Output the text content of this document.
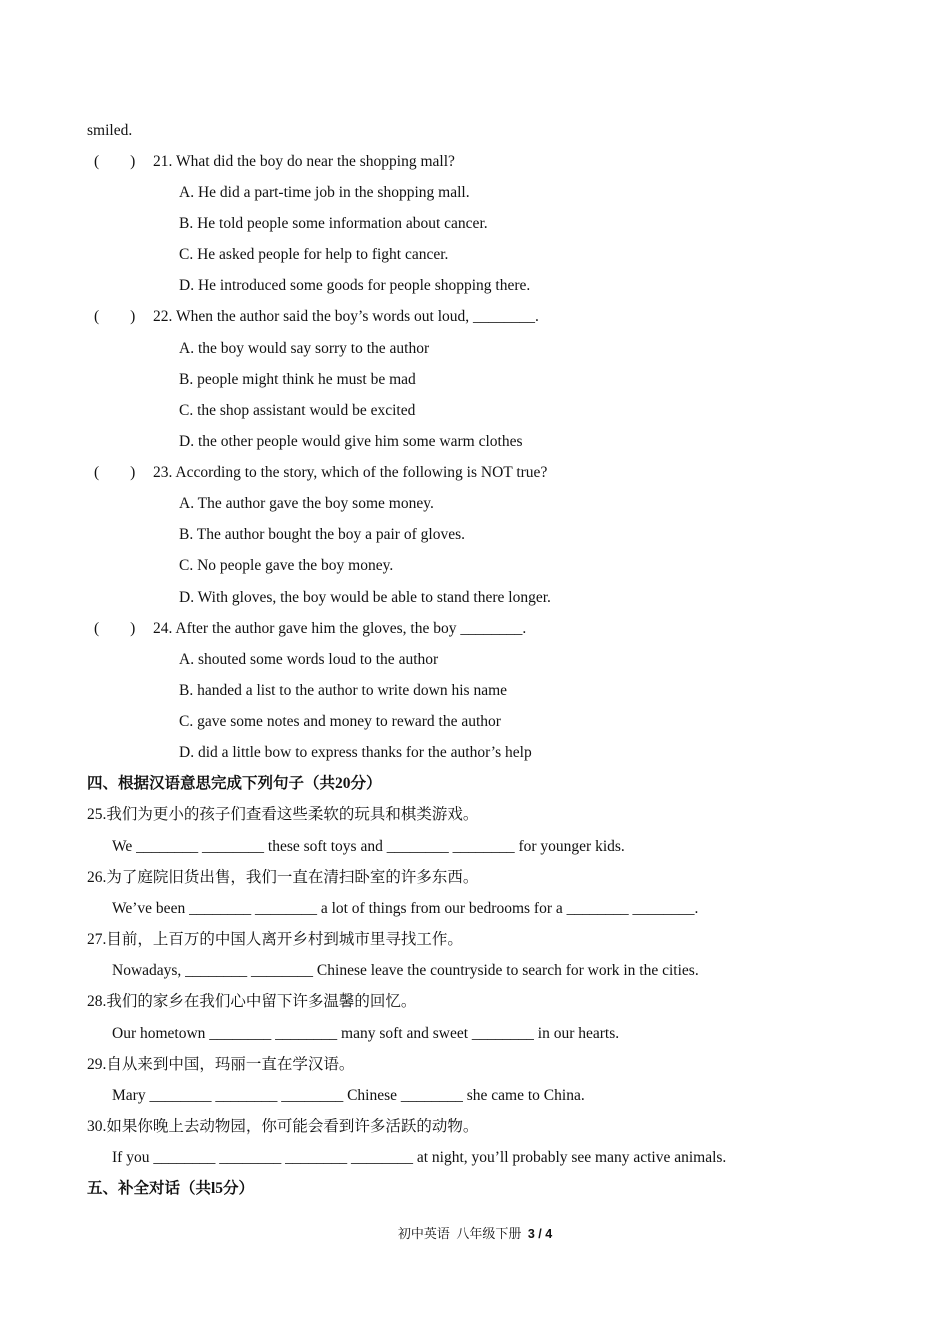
smiled.
(        ) 21. What did the boy do near the shopping mall?
A. He did a part-time job in the shopping mall.
B. He told people some information about cancer.
C. He asked people for help to fight cancer.
D. He introduced some goods for people shopping there.
(        ) 22. When the author said the boy’s words out loud, ________.
A. the boy would say sorry to the author
B. people might think he must be mad
C. the shop assistant would be excited
D. the other people would give him some warm clothes
(        ) 23. According to the story, which of the following is NOT true?
A. The author gave the boy some money.
B. The author bought the boy a pair of gloves.
C. No people gave the boy money.
D. With gloves, the boy would be able to stand there longer.
(        ) 24. After the author gave him the gloves, the boy ________.
A. shouted some words loud to the author
B. handed a list to the author to write down his name
C. gave some notes and money to reward the author
D. did a little bow to express thanks for the author’s help
四、根据汉语意思完成下列句子（共20分）
25.我们为更小的孩子们查看这些柔软的玩具和棋类游戏。
We ________ ________ these soft toys and ________ ________ for younger kids.
26.为了庭院旧货出售，我们一直在清扫卧室的许多东西。
We’ve been ________ ________ a lot of things from our bedrooms for a ________ ________.
27.目前，上百万的中国人离开乡村到城市里寻找工作。
Nowadays, ________ ________ Chinese leave the countryside to search for work in the cities.
28.我们的家乡在我们心中留下许多温馨的回忆。
Our hometown ________ ________ many soft and sweet ________ in our hearts.
29.自从来到中国，玛丽一直在学汉语。
Mary ________ ________ ________ Chinese ________ she came to China.
30.如果你晚上去动物园，你可能会看到许多活跃的动物。
If you ________ ________ ________ ________ at night, you’ll probably see many active animals.
五、补全对话（共l5分）
初中英语  八年级下册  3 / 4
